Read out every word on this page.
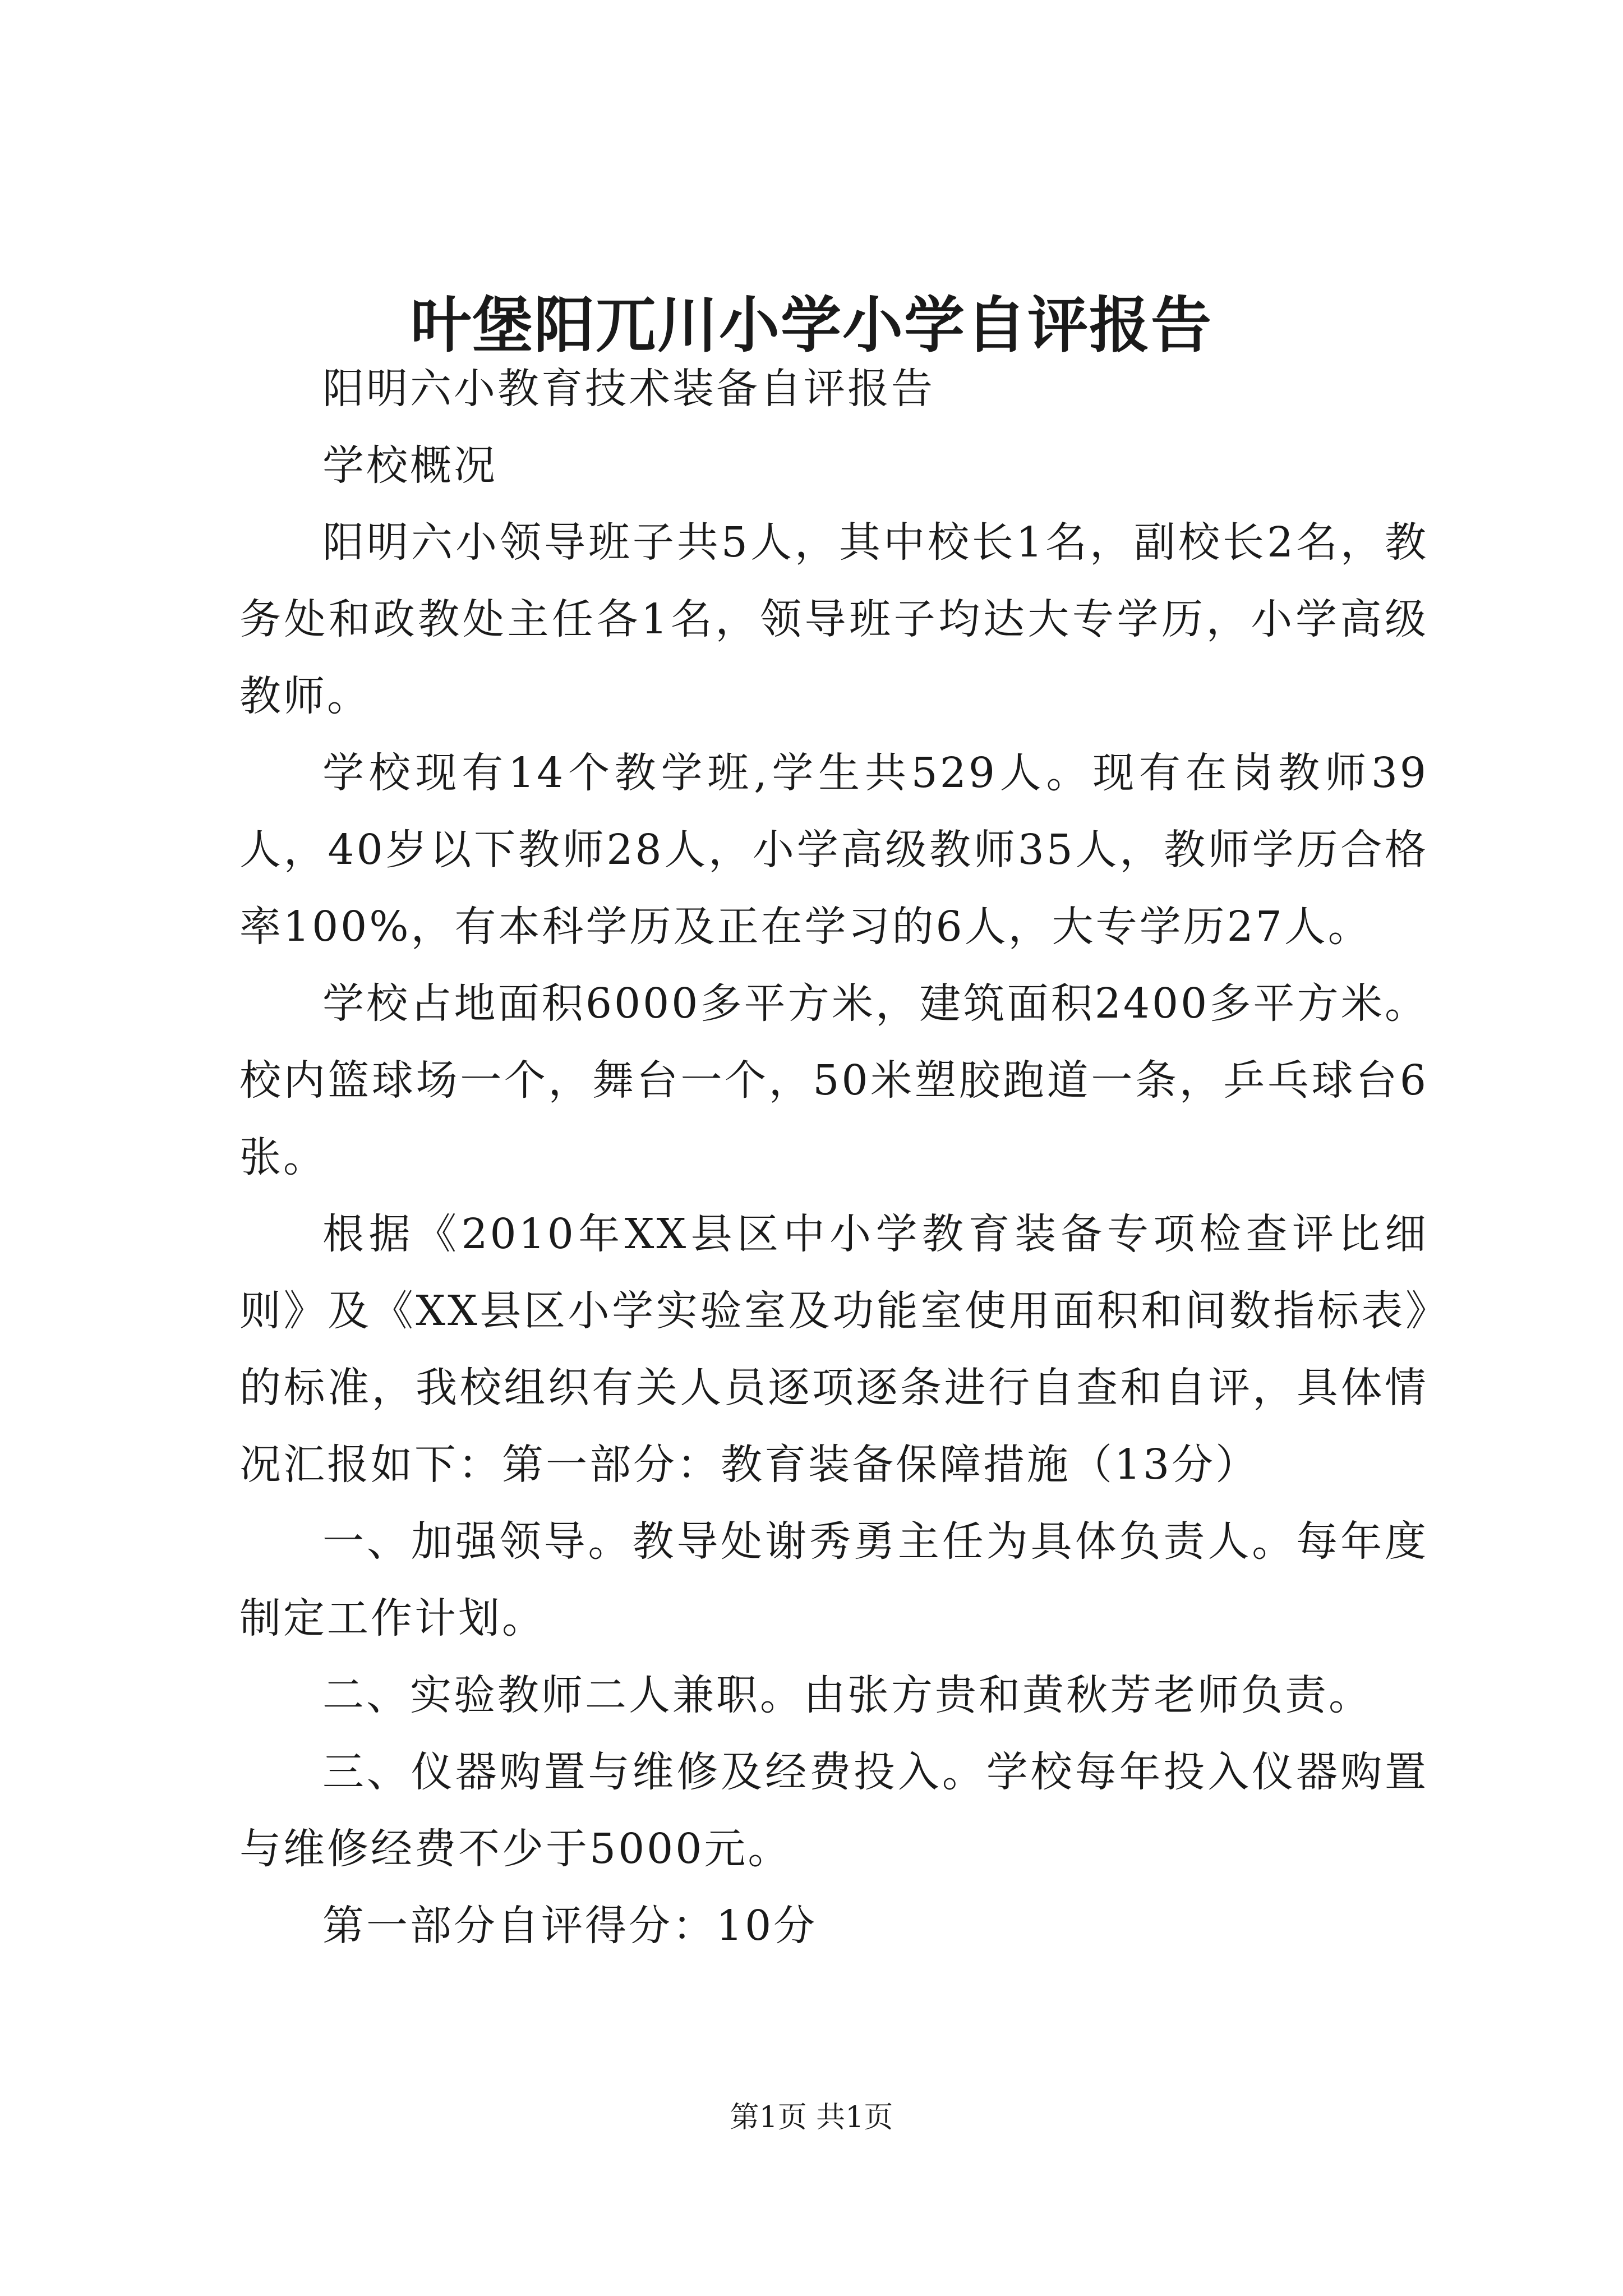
叶堡阳兀川小学小学自评报告

阳明六小教育技术装备自评报告

学校概况

阳明六小领导班子共5人，其中校长1名，副校长2名，教务处和政教处主任各1名，领导班子均达大专学历，小学高级教师。

学校现有14个教学班,学生共529人。现有在岗教师39人，40岁以下教师28人，小学高级教师35人，教师学历合格率100%，有本科学历及正在学习的6人，大专学历27人。

学校占地面积6000多平方米，建筑面积2400多平方米。校内篮球场一个，舞台一个，50米塑胶跑道一条，乒乓球台6张。

根据《2010年XX县区中小学教育装备专项检查评比细则》及《XX县区小学实验室及功能室使用面积和间数指标表》的标准，我校组织有关人员逐项逐条进行自查和自评，具体情况汇报如下：第一部分：教育装备保障措施（13分）

一、加强领导。教导处谢秀勇主任为具体负责人。每年度制定工作计划。

二、实验教师二人兼职。由张方贵和黄秋芳老师负责。

三、仪器购置与维修及经费投入。学校每年投入仪器购置与维修经费不少于5000元。

第一部分自评得分：10分

第1页 共1页
